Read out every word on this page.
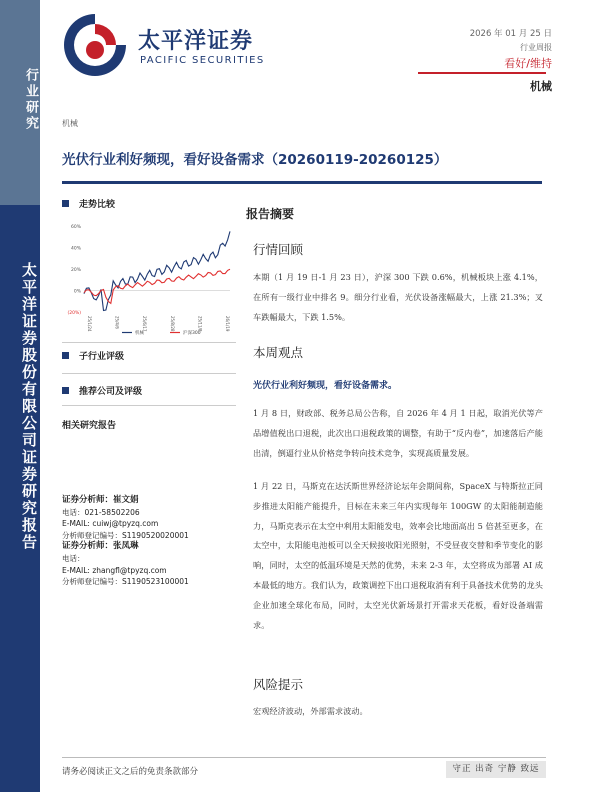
行业研究
太平洋证券股份有限公司证券研究报告
太平洋证券
PACIFIC SECURITIES
2026 年 01 月 25 日
行业周报
看好/维持
机械
机械
光伏行业利好频现，看好设备需求（20260119-20260125）
走势比较
60%
40%
20%
0%
(20%)
25/1/24	25/4/6	25/6/17	25/8/28	25/11/8	26/1/19
机械	沪深300
子行业评级
推荐公司及评级
相关研究报告
证券分析师：崔文娟
电话：021-58502206
E-MAIL: cuiwj@tpyzq.com
分析师登记编号：S1190520020001
证券分析师：张凤琳
电话：
E-MAIL: zhangfl@tpyzq.com
分析师登记编号：S1190523100001
报告摘要
行情回顾
本期（1 月 19 日-1 月 23 日），沪深 300 下跌 0.6%，机械板块上涨 4.1%，在所有一级行业中排名 9。细分行业看，光伏设备涨幅最大，上涨 21.3%；叉车跌幅最大，下跌 1.5%。
本周观点
光伏行业利好频现，看好设备需求。
1 月 8 日，财政部、税务总局公告称，自 2026 年 4 月 1 日起，取消光伏等产品增值税出口退税，此次出口退税政策的调整，有助于“反内卷”，加速落后产能出清，倒逼行业从价格竞争转向技术竞争，实现高质量发展。
1 月 22 日，马斯克在达沃斯世界经济论坛年会期间称，SpaceX 与特斯拉正同步推进太阳能产能提升，目标在未来三年内实现每年 100GW 的太阳能制造能力，马斯克表示在太空中利用太阳能发电，效率会比地面高出 5 倍甚至更多，在太空中，太阳能电池板可以全天候接收阳光照射，不受昼夜交替和季节变化的影响，同时，太空的低温环境是天然的优势，未来 2-3 年，太空将成为部署 AI 成本最低的地方。我们认为，政策调控下出口退税取消有利于具备技术优势的龙头企业加速全球化布局，同时，太空光伏新场景打开需求天花板，看好设备端需求。
风险提示
宏观经济波动，外部需求波动。
请务必阅读正文之后的免责条款部分	守正 出奇 宁静 致远
